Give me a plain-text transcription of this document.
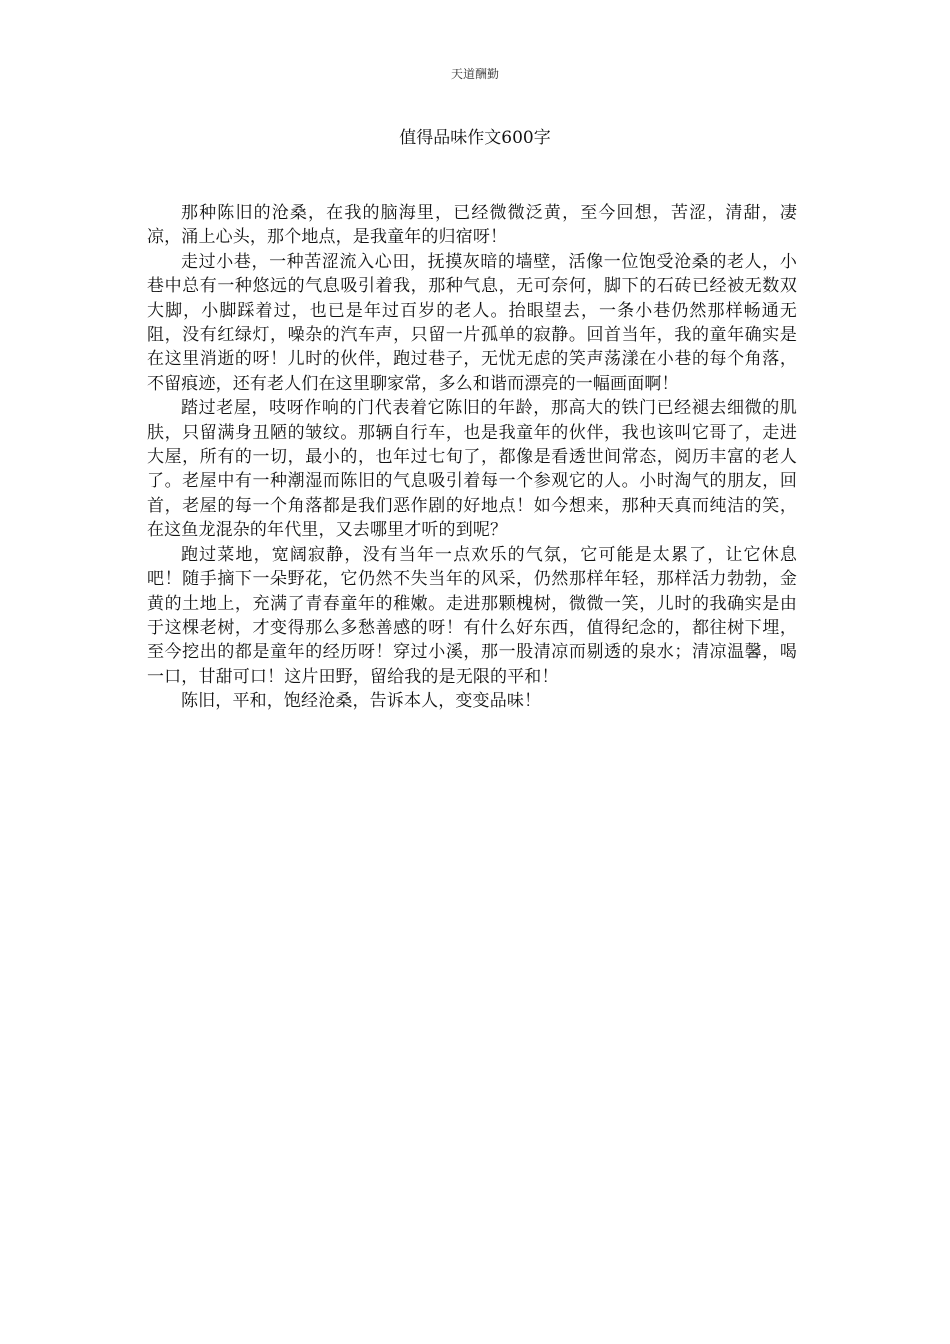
天道酬勤
值得品味作文600字

那种陈旧的沧桑，在我的脑海里，已经微微泛黄，至今回想，苦涩，清甜，凄凉，涌上心头，那个地点，是我童年的归宿呀！

走过小巷，一种苦涩流入心田，抚摸灰暗的墙壁，活像一位饱受沧桑的老人，小巷中总有一种悠远的气息吸引着我，那种气息，无可奈何，脚下的石砖已经被无数双大脚，小脚踩着过，也已是年过百岁的老人。抬眼望去，一条小巷仍然那样畅通无阻，没有红绿灯，噪杂的汽车声，只留一片孤单的寂静。回首当年，我的童年确实是在这里消逝的呀！儿时的伙伴，跑过巷子，无忧无虑的笑声荡漾在小巷的每个角落，不留痕迹，还有老人们在这里聊家常，多么和谐而漂亮的一幅画面啊！

踏过老屋，吱呀作响的门代表着它陈旧的年龄，那高大的铁门已经褪去细微的肌肤，只留满身丑陋的皱纹。那辆自行车，也是我童年的伙伴，我也该叫它哥了，走进大屋，所有的一切，最小的，也年过七旬了，都像是看透世间常态，阅历丰富的老人了。老屋中有一种潮湿而陈旧的气息吸引着每一个参观它的人。小时淘气的朋友，回首，老屋的每一个角落都是我们恶作剧的好地点！如今想来，那种天真而纯洁的笑，在这鱼龙混杂的年代里，又去哪里才听的到呢？

跑过菜地，宽阔寂静，没有当年一点欢乐的气氛，它可能是太累了，让它休息吧！随手摘下一朵野花，它仍然不失当年的风采，仍然那样年轻，那样活力勃勃，金黄的土地上，充满了青春童年的稚嫩。走进那颗槐树，微微一笑，儿时的我确实是由于这棵老树，才变得那么多愁善感的呀！有什么好东西，值得纪念的，都往树下埋，至今挖出的都是童年的经历呀！穿过小溪，那一股清凉而剔透的泉水；清凉温馨，喝一口，甘甜可口！这片田野，留给我的是无限的平和！

陈旧，平和，饱经沧桑，告诉本人，变变品味！
